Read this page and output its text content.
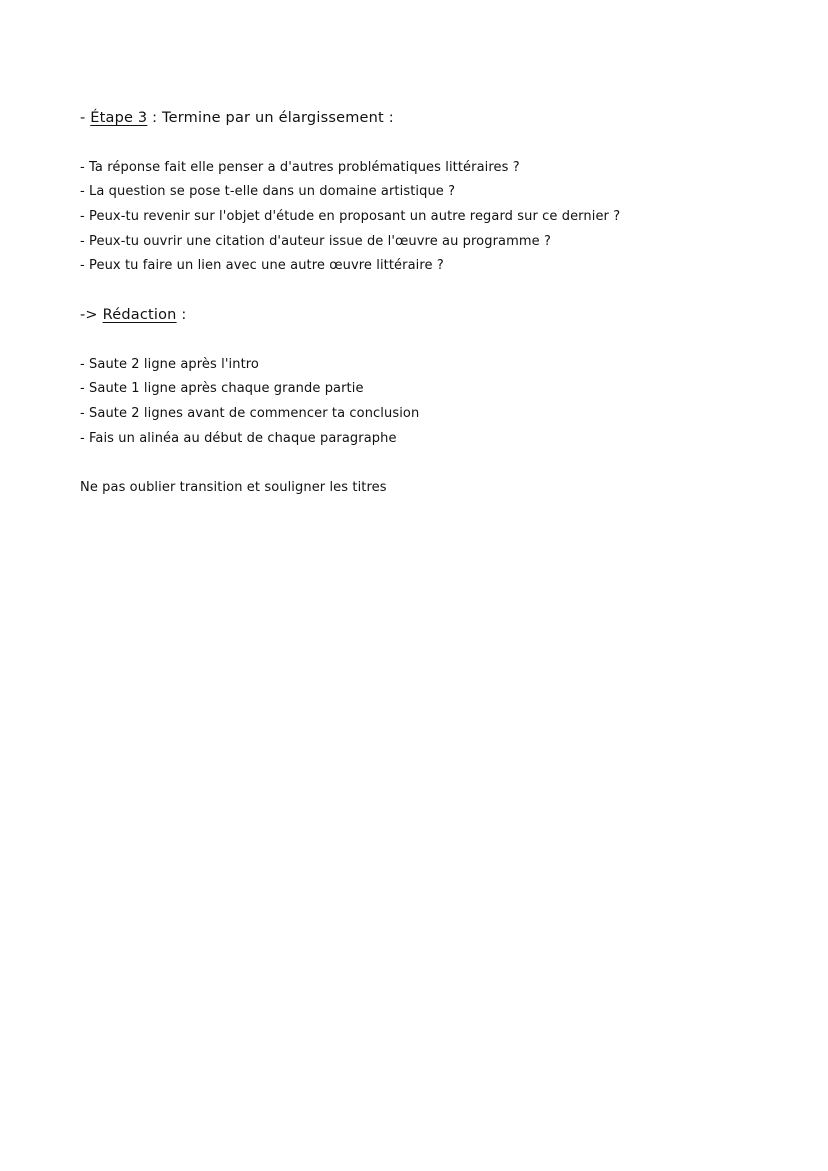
- Étape 3 : Termine par un élargissement :
- Ta réponse fait elle penser a d'autres problématiques littéraires ?
- La question se pose t-elle dans un domaine artistique ?
- Peux-tu revenir sur l'objet d'étude en proposant un autre regard sur ce dernier ?
- Peux-tu ouvrir une citation d'auteur issue de l'œuvre au programme ?
- Peux tu faire un lien avec une autre œuvre littéraire ?
-> Rédaction :
- Saute 2 ligne après l'intro
- Saute 1 ligne après chaque grande partie
- Saute 2 lignes avant de commencer ta conclusion
- Fais un alinéa au début de chaque paragraphe
Ne pas oublier transition et souligner les titres
